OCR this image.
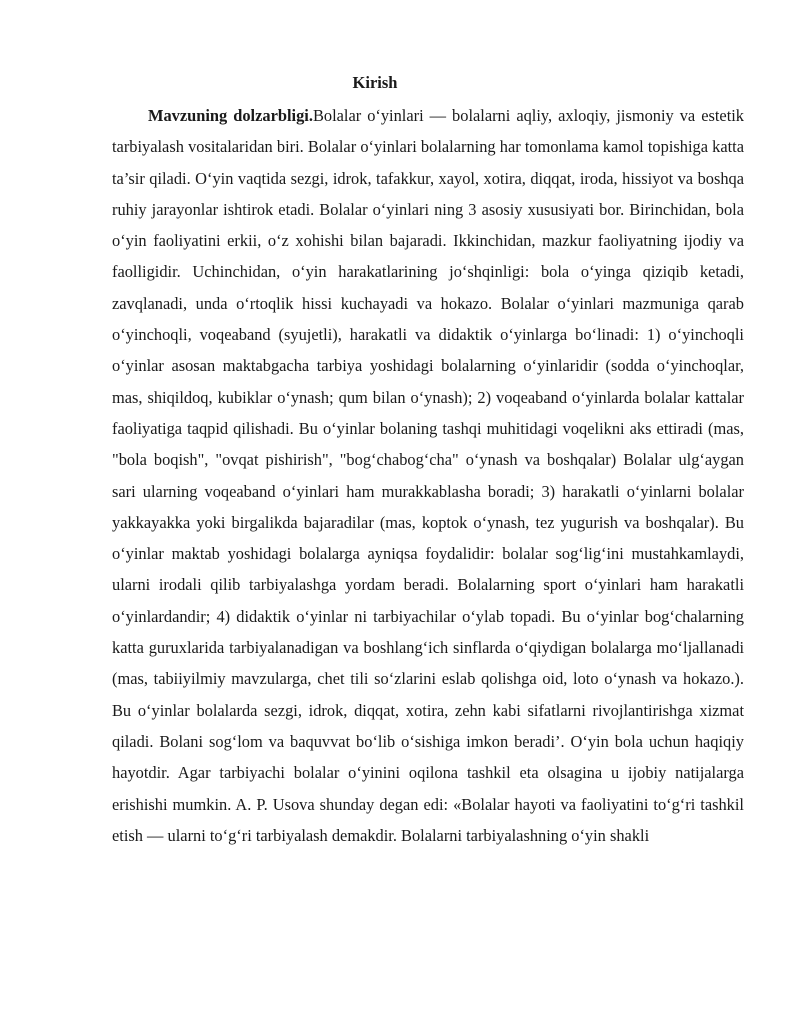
Kirish

Mavzuning dolzarbligi.Bolalar o‘yinlari — bolalarni aqliy, axloqiy, jismoniy va estetik tarbiyalash vositalaridan biri. Bolalar o‘yinlari bolalarning har tomonlama kamol topishiga katta ta’sir qiladi. O‘yin vaqtida sezgi, idrok, tafakkur, xayol, xotira, diqqat, iroda, hissiyot va boshqa ruhiy jarayonlar ishtirok etadi. Bolalar o‘yinlari ning 3 asosiy xususiyati bor. Birinchidan, bola o‘yin faoliyatini erkii, o‘z xohishi bilan bajaradi. Ikkinchidan, mazkur faoliyatning ijodiy va faolligidir. Uchinchidan, o‘yin harakatlarining jo‘shqinligi: bola o‘yinga qiziqib ketadi, zavqlanadi, unda o‘rtoqlik hissi kuchayadi va hokazo. Bolalar o‘yinlari mazmuniga qarab o‘yinchoqli, voqeaband (syujetli), harakatli va didaktik o‘yinlarga bo‘linadi: 1) o‘yinchoqli o‘yinlar asosan maktabgacha tarbiya yoshidagi bolalarning o‘yinlaridir (sodda o‘yinchoqlar, mas, shiqildoq, kubiklar o‘ynash; qum bilan o‘ynash); 2) voqeaband o‘yinlarda bolalar kattalar faoliyatiga taqpid qilishadi. Bu o‘yinlar bolaning tashqi muhitidagi voqelikni aks ettiradi (mas, "bola boqish", "ovqat pishirish", "bog‘chabog‘cha" o‘ynash va boshqalar) Bolalar ulg‘aygan sari ularning voqeaband o‘yinlari ham murakkablasha boradi; 3) harakatli o‘yinlarni bolalar yakkayakka yoki birgalikda bajaradilar (mas, koptok o‘ynash, tez yugurish va boshqalar). Bu o‘yinlar maktab yoshidagi bolalarga ayniqsa foydalidir: bolalar sog‘lig‘ini mustahkamlaydi, ularni irodali qilib tarbiyalashga yordam beradi. Bolalarning sport o‘yinlari ham harakatli o‘yinlardandir; 4) didaktik o‘yinlar ni tarbiyachilar o‘ylab topadi. Bu o‘yinlar bog‘chalarning katta guruxlarida tarbiyalanadigan va boshlang‘ich sinflarda o‘qiydigan bolalarga mo‘ljallanadi (mas, tabiiyilmiy mavzularga, chet tili so‘zlarini eslab qolishga oid, loto o‘ynash va hokazo.). Bu o‘yinlar bolalarda sezgi, idrok, diqqat, xotira, zehn kabi sifatlarni rivojlantirishga xizmat qiladi. Bolani sog‘lom va baquvvat bo‘lib o‘sishiga imkon beradi’. O‘yin bola uchun haqiqiy hayotdir. Agar tarbiyachi bolalar o‘yinini oqilona tashkil eta olsagina u ijobiy natijalarga erishishi mumkin. A. P. Usova shunday degan edi: «Bolalar hayoti va faoliyatini to‘g‘ri tashkil etish — ularni to‘g‘ri tarbiyalash demakdir. Bolalarni tarbiyalashning o‘yin shakli
